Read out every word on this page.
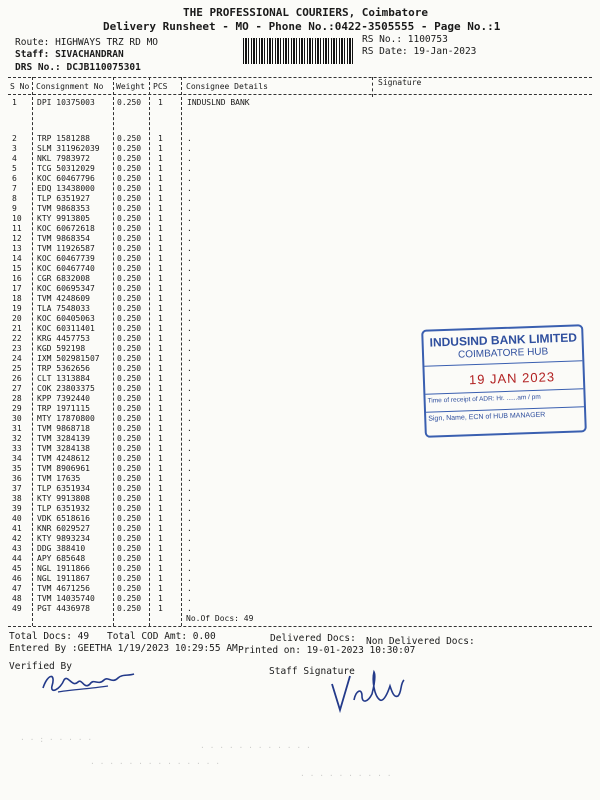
THE PROFESSIONAL COURIERS, Coimbatore
Delivery Runsheet - MO - Phone No.:0422-3505555 - Page No.:1
Route: HIGHWAYS TRZ RD MO
Staff: SIVACHANDRAN
DRS No.: DCJB110075301
RS No.: 1100753
RS Date: 19-Jan-2023
S No Consignment No Weight PCS Consignee Details	Signature
1	DPI 10375003	0.250 1	INDUSLND BANK
2	TRP 1581288	0.250 1	.
3	SLM 311962039 0.250 1	.
4	NKL 7983972	0.250 1	.
5	TCG 50312029	0.250 1	.
6	KOC 60467796	0.250 1	.
7	EDQ 13438000	0.250 1	.
8	TLP 6351927	0.250 1	.
9	TVM 9868353	0.250 1	.
10 KTY 9913805	0.250 1	.
11 KOC 60672618	0.250 1	.
12 TVM 9868354	0.250 1	.
13 TVM 11926587	0.250 1	.
14 KOC 60467739	0.250 1	.
15 KOC 60467740	0.250 1	.
16 CGR 6832008	0.250 1	.
17 KOC 60695347	0.250 1	.
18 TVM 4248609	0.250 1	.
19 TLA 7548033	0.250 1	.
20 KOC 60405063	0.250 1	.
21 KOC 60311401	0.250 1	.
22 KRG 4457753	0.250 1	.
23 KGD 592198	0.250 1	.
24 IXM 502981507 0.250 1	.
25 TRP 5362656	0.250 1	.
26 CLT 1313884	0.250 1	.
27 COK 23803375	0.250 1	.
28 KPP 7392440	0.250 1	.
29 TRP 1971115	0.250 1	.
30 MTY 17870800	0.250 1	.
31 TVM 9868718	0.250 1	.
32 TVM 3284139	0.250 1	.
33 TVM 3284138	0.250 1	.
34 TVM 4248612	0.250 1	.
35 TVM 8906961	0.250 1	.
36 TVM 17635	0.250 1	.
37 TLP 6351934	0.250 1	.
38 KTY 9913808	0.250 1	.
39 TLP 6351932	0.250 1	.
40 VDK 6518616	0.250 1	.
41 KNR 6029527	0.250 1	.
42 KTY 9893234	0.250 1	.
43 DDG 388410	0.250 1	.
44 APY 685648	0.250 1	.
45 NGL 1911866	0.250 1	.
46 NGL 1911867	0.250 1	.
47 TVM 4671256	0.250 1	.
48 TVM 14035740	0.250 1	.
49 PGT 4436978	0.250 1	.
No.Of Docs: 49
Total Docs: 49 Total COD Amt: 0.00	Delivered Docs: Non Delivered Docs:
Entered By :GEETHA 1/19/2023 10:29:55 AM Printed on: 19-01-2023 10:30:07
Verified By	Staff Signature
INDUSIND BANK LIMITED
COIMBATORE HUB
19 JAN 2023
Time of receipt of ADR: Hr. ......am / pm
Sign, Name, ECN of HUB MANAGER
· · : · · · · ·
· · · · · · · · · · · ·
· · · · · · · · · · · · · ·
· · · · · · · · · ·
